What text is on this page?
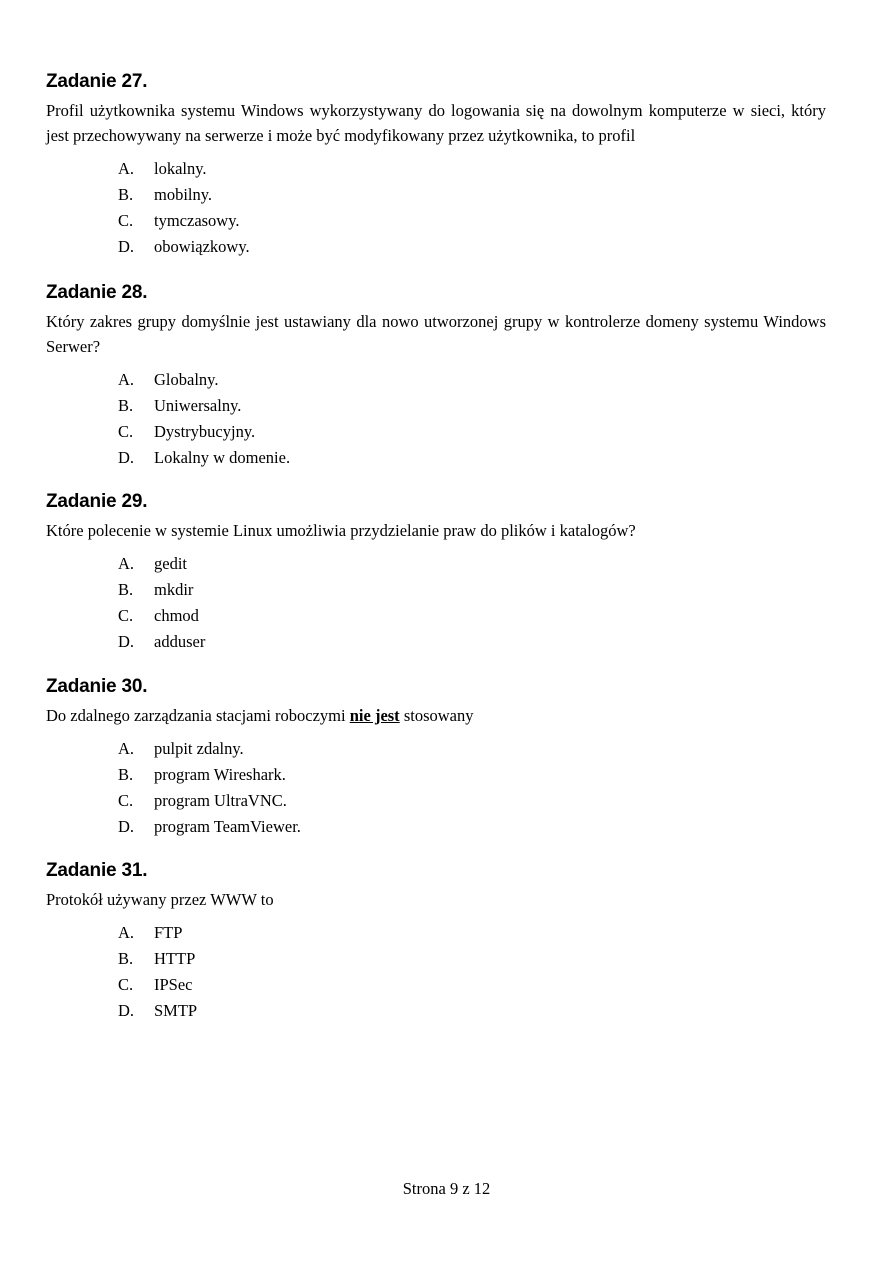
Zadanie 27.

Profil użytkownika systemu Windows wykorzystywany do logowania się na dowolnym komputerze w sieci, który jest przechowywany na serwerze i może być modyfikowany przez użytkownika, to profil

A. lokalny.
B. mobilny.
C. tymczasowy.
D. obowiązkowy.
Zadanie 28.

Który zakres grupy domyślnie jest ustawiany dla nowo utworzonej grupy w kontrolerze domeny systemu Windows Serwer?

A. Globalny.
B. Uniwersalny.
C. Dystrybucyjny.
D. Lokalny w domenie.
Zadanie 29.

Które polecenie w systemie Linux umożliwia przydzielanie praw do plików i katalogów?

A. gedit
B. mkdir
C. chmod
D. adduser
Zadanie 30.

Do zdalnego zarządzania stacjami roboczymi nie jest stosowany

A. pulpit zdalny.
B. program Wireshark.
C. program UltraVNC.
D. program TeamViewer.
Zadanie 31.

Protokół używany przez WWW to

A. FTP
B. HTTP
C. IPSec
D. SMTP
Strona 9 z 12
